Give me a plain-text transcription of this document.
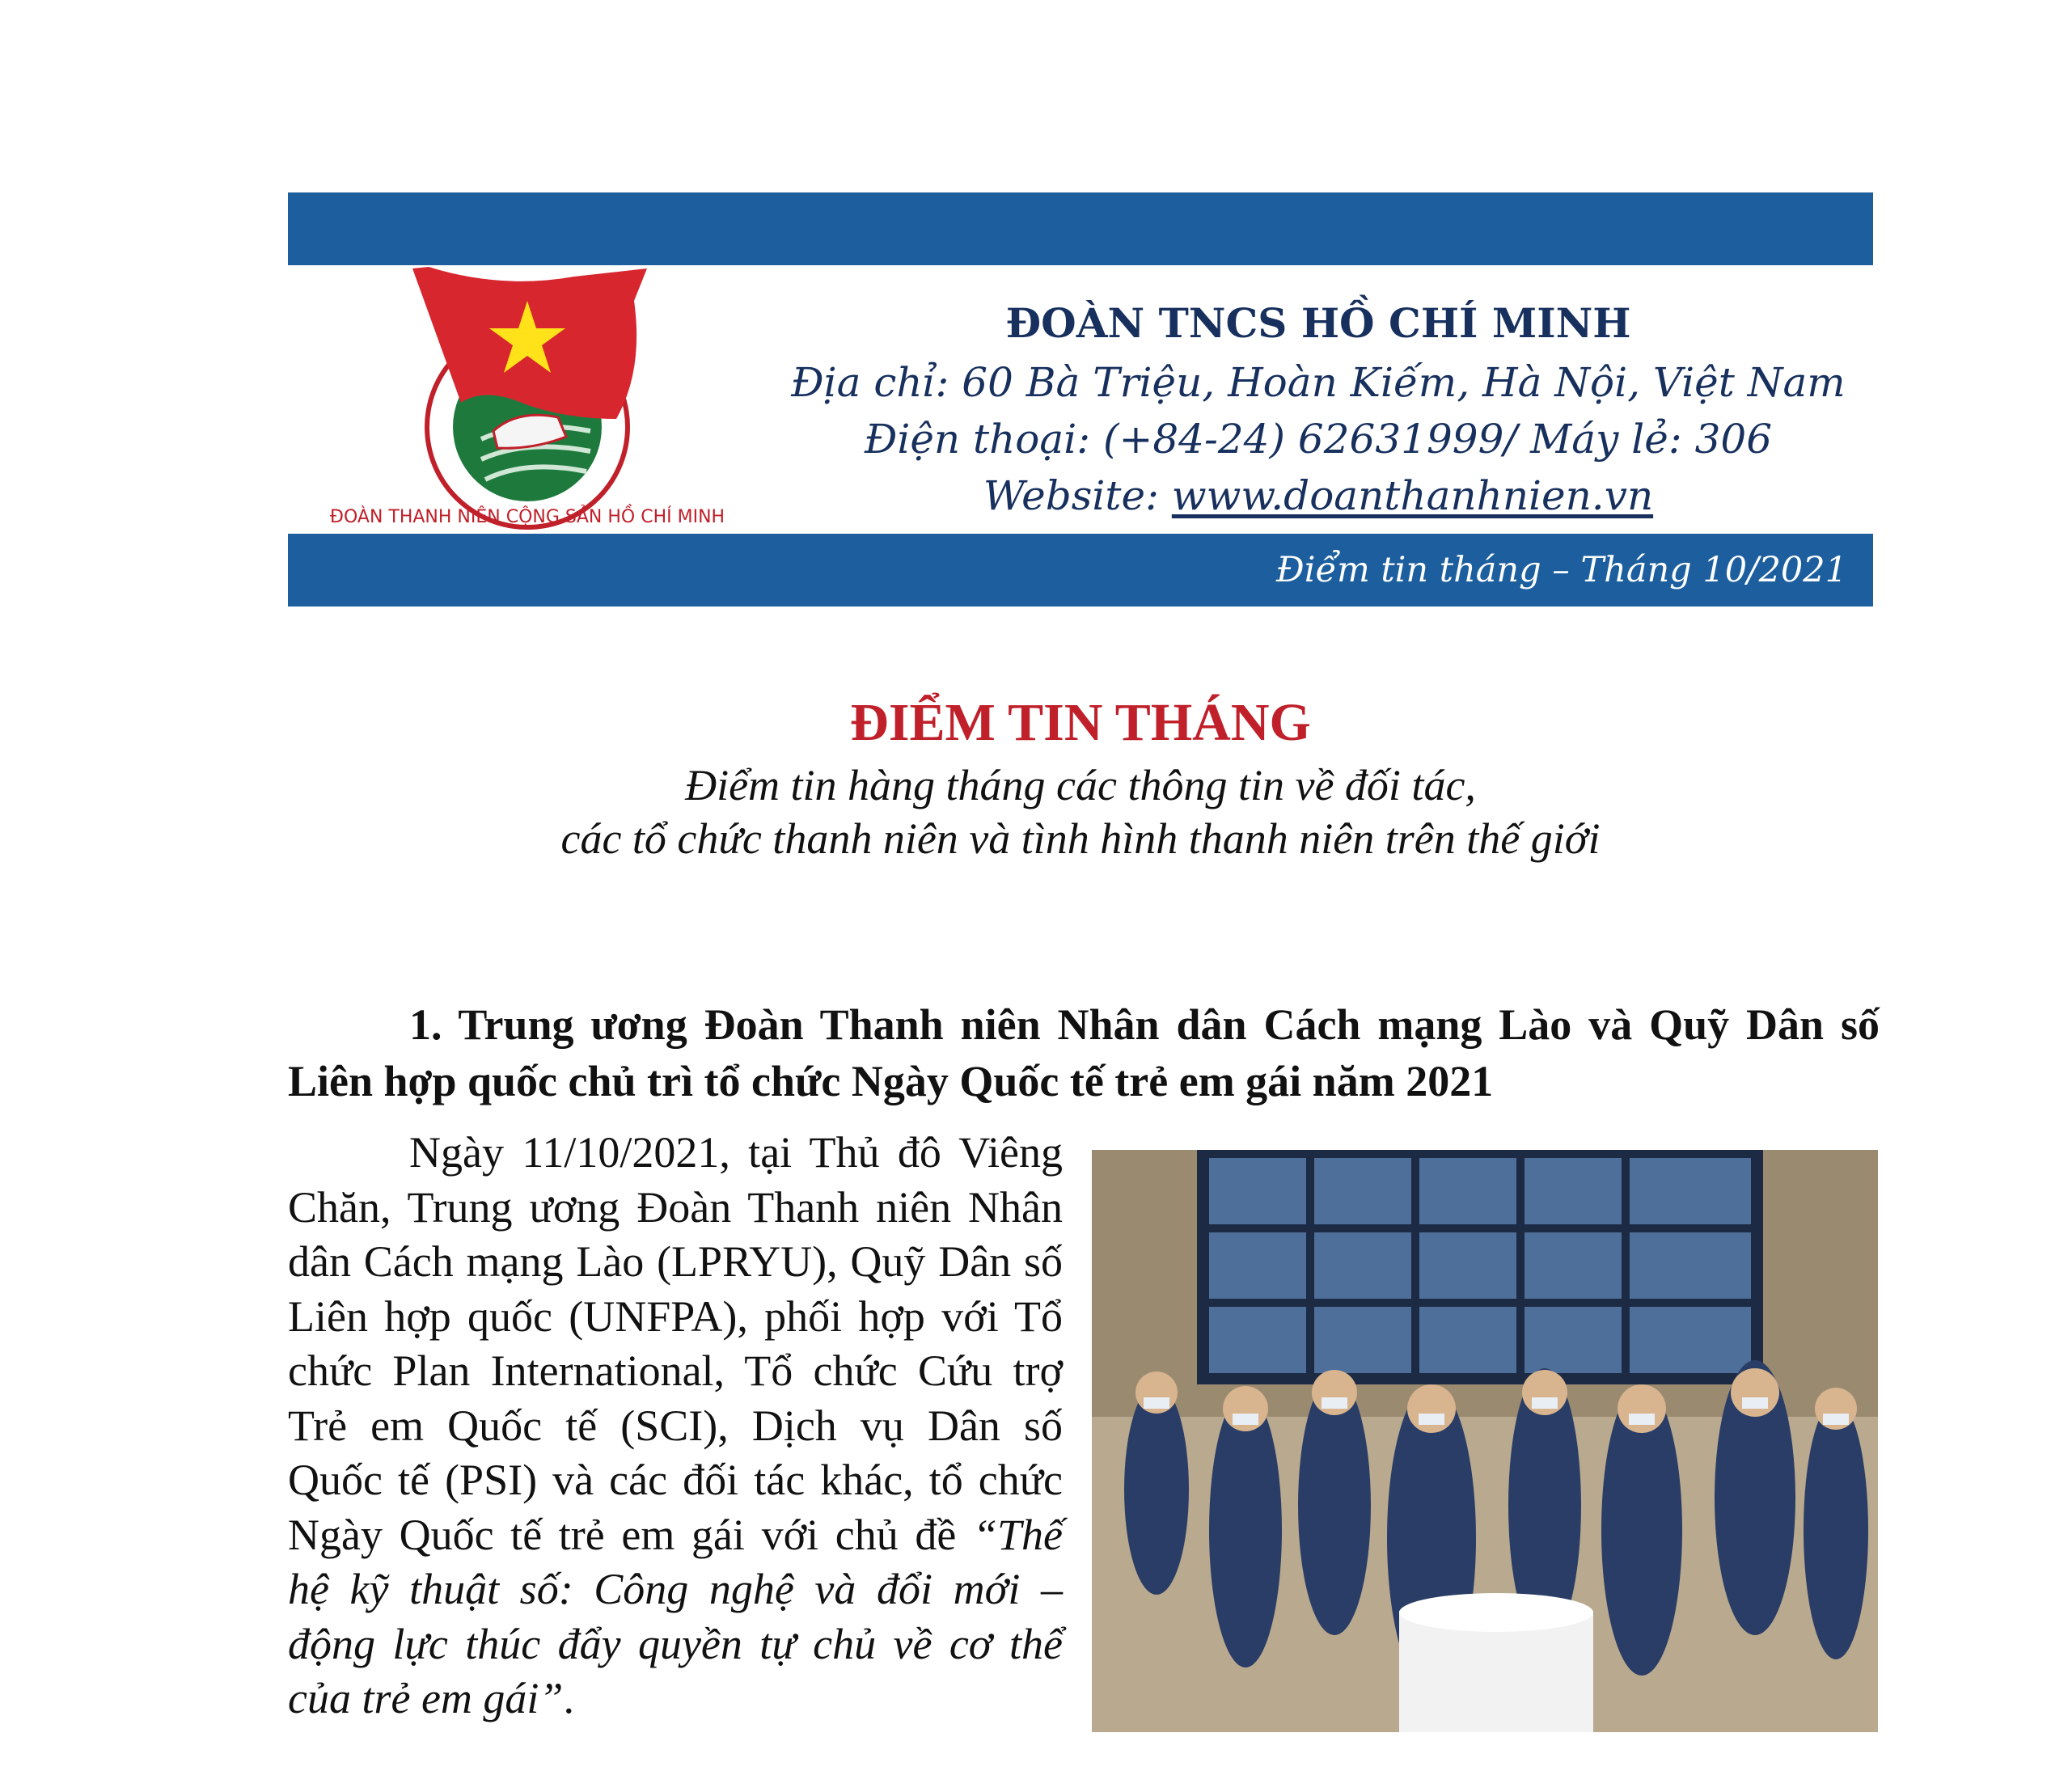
ĐOÀN THANH NIÊN CỘNG SẢN HỒ CHÍ MINH
ĐOÀN TNCS HỒ CHÍ MINH
Địa chỉ: 60 Bà Triệu, Hoàn Kiếm, Hà Nội, Việt Nam
Điện thoại: (+84-24) 62631999/ Máy lẻ: 306
Website: www.doanthanhnien.vn
Điểm tin tháng – Tháng 10/2021
ĐIỂM TIN THÁNG
Điểm tin hàng tháng các thông tin về đối tác,
các tổ chức thanh niên và tình hình thanh niên trên thế giới
1. Trung ương Đoàn Thanh niên Nhân dân Cách mạng Lào và Quỹ Dân số Liên hợp quốc chủ trì tổ chức Ngày Quốc tế trẻ em gái năm 2021

Ngày 11/10/2021, tại Thủ đô Viêng Chăn, Trung ương Đoàn Thanh niên Nhân dân Cách mạng Lào (LPRYU), Quỹ Dân số Liên hợp quốc (UNFPA), phối hợp với Tổ chức Plan International, Tổ chức Cứu trợ Trẻ em Quốc tế (SCI), Dịch vụ Dân số Quốc tế (PSI) và các đối tác khác, tổ chức Ngày Quốc tế trẻ em gái với chủ đề “Thế hệ kỹ thuật số: Công nghệ và đổi mới – động lực thúc đẩy quyền tự chủ về cơ thể của trẻ em gái”.
